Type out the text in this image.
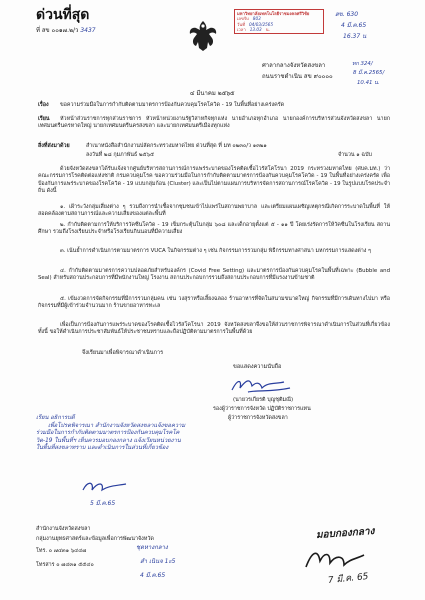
ด่วนที่สุด
ที่ สข ๐๐๑๗.๒/ว 3437
มหาวิทยาลัยเทคโนโลยีราชมงคลศรีวิชัย
เลขรับ 803
วันที่ 04/03/2565
เวลา 13.03 น.
สข. 630
4 มี.ค.65
16.37 น
ทก 324/
8 มี.ค.2565/
10.41 น.
ศาลากลางจังหวัดสงขลา
ถนนราชดำเนิน สข ๙๐๐๐๐
๔ มีนาคม ๒๕๖๕
เรื่อง ขอความร่วมมือในการกำกับติดตามมาตรการป้องกันควบคุมโรคโควิด - 19 ในพื้นที่อย่างเคร่งครัด
เรียน หัวหน้าส่วนราชการทุกส่วนราชการ หัวหน้าหน่วยงานรัฐวิสาหกิจทุกแห่ง นายอำเภอทุกอำเภอ นายกองค์การบริหารส่วนจังหวัดสงขลา นายกเทศมนตรีนครหาดใหญ่ นายกเทศมนตรีนครสงขลา และนายกเทศมนตรีเมืองทุกแห่ง
สิ่งที่ส่งมาด้วย	สำเนาหนังสือสำนักงานปลัดกระทรวงมหาดไทย ด่วนที่สุด ที่ มท ๐๒๓๐/ว ๑๓๒๑
ลงวันที่ ๒๘ กุมภาพันธ์ ๒๕๖๕	จำนวน ๑ ฉบับ
ด้วยจังหวัดสงขลาได้รับแจ้งจากศูนย์บริหารสถานการณ์การแพร่ระบาดของโรคติดเชื้อไวรัสโคโรนา 2019 กระทรวงมหาดไทย (ศบค.มท.) ว่า คณะกรรมการโรคติดต่อแห่งชาติ กรมควบคุมโรค ขอความร่วมมือในการกำกับติดตามมาตรการป้องกันควบคุมโรคโควิด - 19 ในพื้นที่อย่างเคร่งครัด เพื่อป้องกันการแพร่ระบาดของโรคโควิด - 19 แบบกลุ่มก้อน (Cluster) และเป็นไปตามแผนการบริหารจัดการสถานการณ์โรคโควิด - 19 ในรูปแบบโรคประจำถิ่น ดังนี้
๑. เฝ้าระวังกลุ่มเสี่ยงต่าง ๆ รวมถึงการนำเชื้อจากชุมชนเข้าไปแพร่ในสถานพยาบาล และเตรียมแผนเผชิญเหตุกรณีเกิดการระบาดในพื้นที่ ให้สอดคล้องตามสถานการณ์และความเสี่ยงของแต่ละพื้นที่
๒. กำกับติดตามการให้บริการวัคซีนโควิด - 19 เข็มกระตุ้นในกลุ่ม ๖๐๘ และเด็กอายุตั้งแต่ ๕ - ๑๑ ปี โดยเร่งรัดการให้วัคซีนในโรงเรียน สถานศึกษา รวมถึงโรงเรียนประจำหรือโรงเรียนกินนอนที่มีความเสี่ยง
๓. เน้นย้ำการดำเนินการตามมาตรการ VUCA ในกิจกรรมต่าง ๆ เช่น กิจกรรมการรวมกลุ่ม พิธีกรรมทางศาสนา มหกรรมการแสดงต่าง ๆ
๔. กำกับติดตามมาตรการความปลอดภัยสำหรับองค์กร (Covid Free Setting) และมาตรการป้องกันควบคุมโรคในพื้นที่เฉพาะ (Bubble and Seal) สำหรับสถานประกอบการที่มีพนักงานใหญ่ โรงงาน สถานประกอบการรวมถึงสถานประกอบการที่มีแรงงานข้ามชาติ
๕. เข้มงวดการจัดกิจกรรมที่มีการรวมกลุ่มคน เช่น วงสุราหรือเลี้ยงฉลอง ร้านอาหารที่จัดในสนามขนาดใหญ่ กิจกรรมที่มีการเดินทางไปมา หรือกิจกรรมที่มีผู้เข้าร่วมจำนวนมาก ร้านขายอาหารทะเล
เพื่อเป็นการป้องกันการแพร่ระบาดของโรคติดเชื้อไวรัสโคโรนา 2019 จังหวัดสงขลาจึงขอให้ส่วนราชการพิจารณาดำเนินการในส่วนที่เกี่ยวข้อง ทั้งนี้ ขอให้ดำเนินการประชาสัมพันธ์ให้ประชาชนทราบและถือปฏิบัติตามมาตรการในพื้นที่ด้วย
จึงเรียนมาเพื่อพิจารณาดำเนินการ
ขอแสดงความนับถือ
(นายวรเกียรติ บุญชุติมณี)
รองผู้ว่าราชการจังหวัด ปฏิบัติราชการแทน
ผู้ว่าราชการจังหวัดสงขลา
เรียน อธิการบดี
เพื่อโปรดพิจารณา สำนักงานจังหวัดสงขลาแจ้งขอความร่วมมือในการกำกับติดตามมาตรการป้องกันควบคุมโรคโควิด-19 ในพื้นที่ฯ เห็นควรมอบกองกลาง แจ้งเวียนหน่วยงานในพื้นที่สงขลาทราบ และดำเนินการในส่วนที่เกี่ยวข้อง
5 มี.ค.65
สำนักงานจังหวัดสงขลา
กลุ่มงานยุทธศาสตร์และข้อมูลเพื่อการพัฒนาจังหวัด
โทร. ๐ ๗๔๓๑ ๖๔๔๗
โทรสาร ๐ ๗๔๓๑ ๕๕๔๐
ชุดหางกลาง
สำ เนินจ 1ะ5
4 มี.ค.65
มอบกองกลาง
7 มี.ค. 65
